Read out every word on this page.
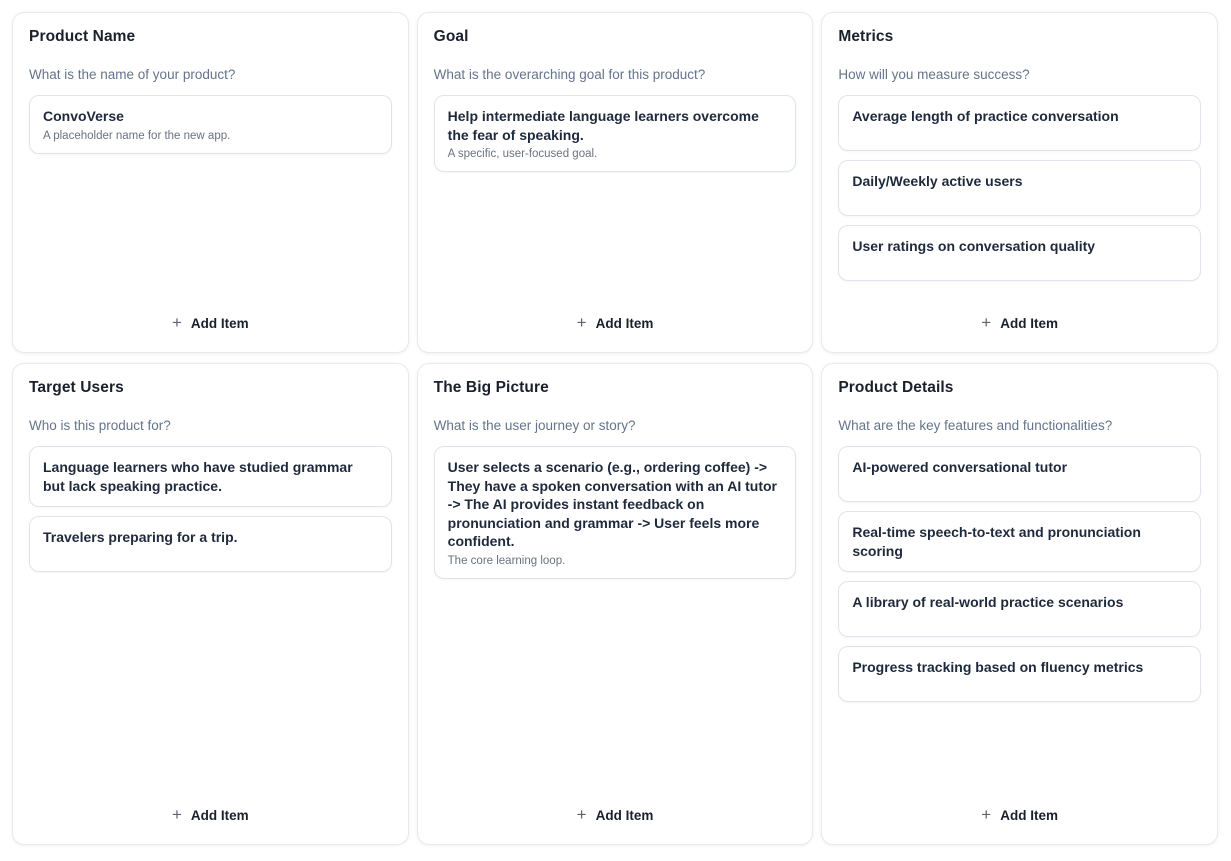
Product Name

What is the name of your product?

ConvoVerse
A placeholder name for the new app.
+ Add Item
Goal

What is the overarching goal for this product?

Help intermediate language learners overcome the fear of speaking.
A specific, user-focused goal.
+ Add Item
Metrics

How will you measure success?

Average length of practice conversation
Daily/Weekly active users
User ratings on conversation quality
+ Add Item
Target Users

Who is this product for?

Language learners who have studied grammar but lack speaking practice.
Travelers preparing for a trip.
+ Add Item
The Big Picture

What is the user journey or story?

User selects a scenario (e.g., ordering coffee) -> They have a spoken conversation with an AI tutor -> The AI provides instant feedback on pronunciation and grammar -> User feels more confident.
The core learning loop.
+ Add Item
Product Details

What are the key features and functionalities?

AI-powered conversational tutor
Real-time speech-to-text and pronunciation scoring
A library of real-world practice scenarios
Progress tracking based on fluency metrics
+ Add Item
